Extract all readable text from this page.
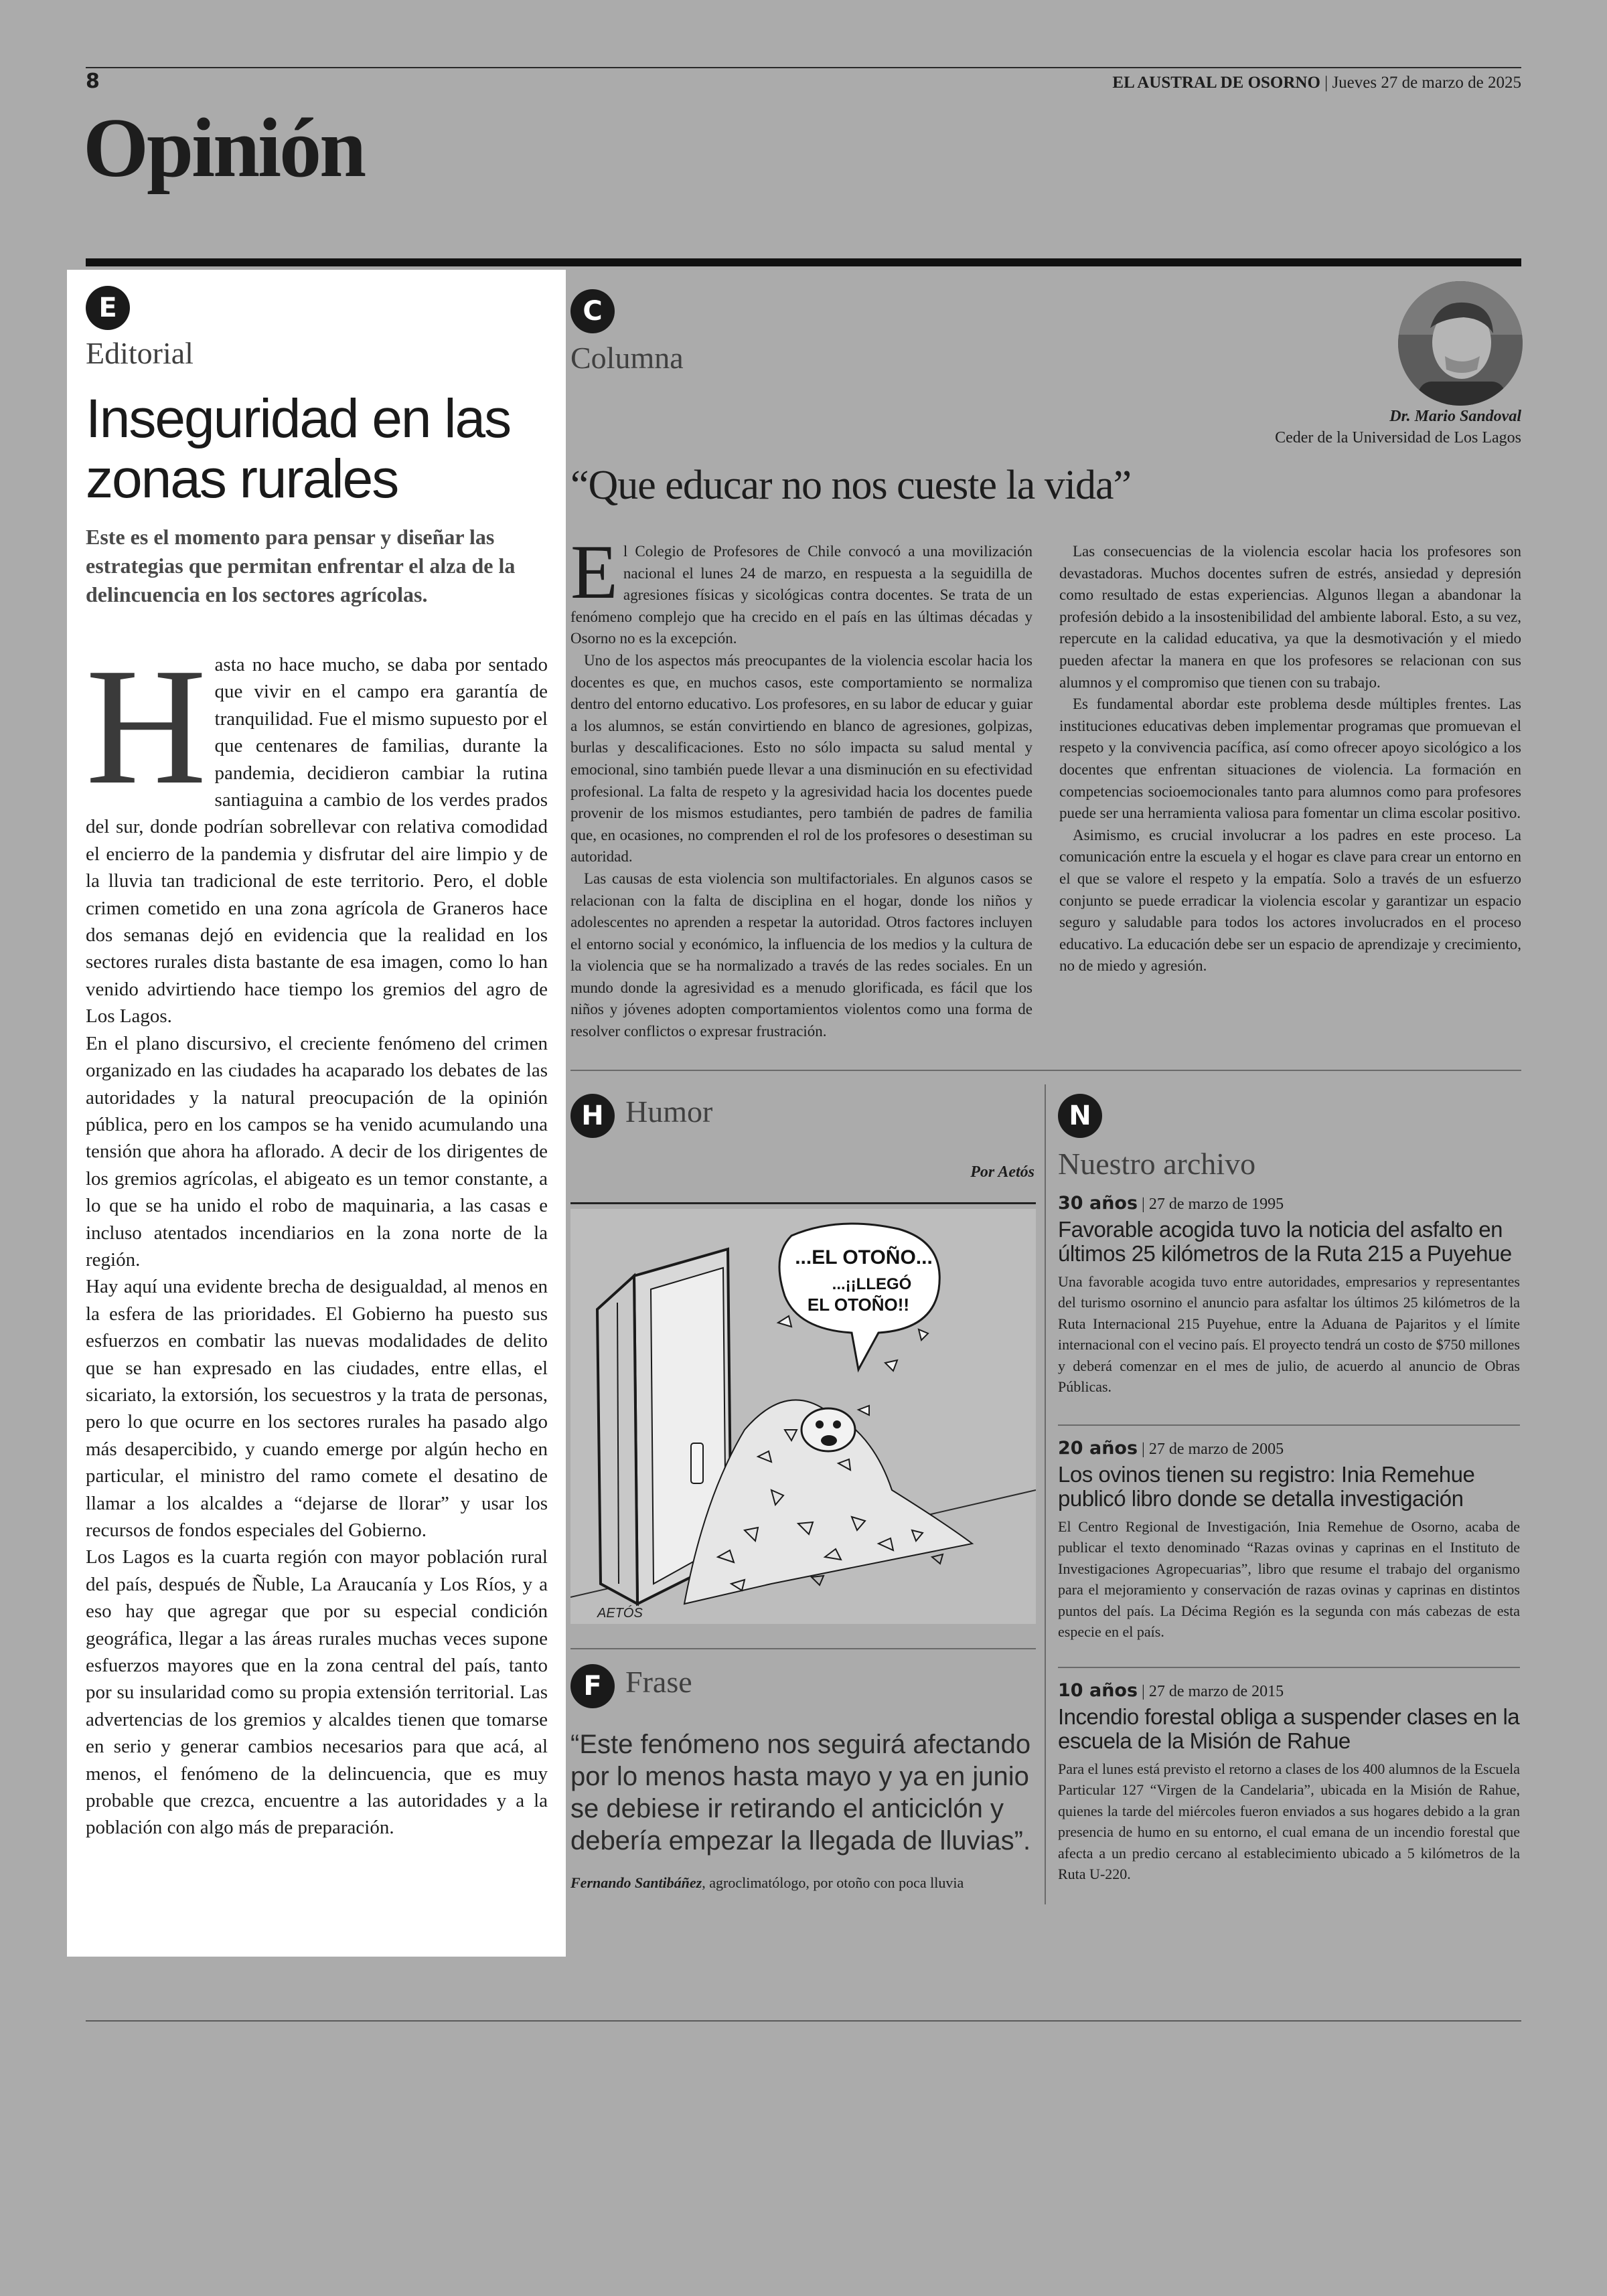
8	EL AUSTRAL DE OSORNO | Jueves 27 de marzo de 2025
Opinión
E
Editorial
Inseguridad en las zonas rurales
Este es el momento para pensar y diseñar las estrategias que permitan enfrentar el alza de la delincuencia en los sectores agrícolas.
H asta no hace mucho, se daba por sentado que vivir en el campo era garantía de tranquilidad. Fue el mismo supuesto por el que centenares de familias, durante la pandemia, decidieron cambiar la rutina santiaguina a cambio de los verdes prados del sur, donde podrían sobrellevar con relativa comodidad el encierro de la pandemia y disfrutar del aire limpio y de la lluvia tan tradicional de este territorio. Pero, el doble crimen cometido en una zona agrícola de Graneros hace dos semanas dejó en evidencia que la realidad en los sectores rurales dista bastante de esa imagen, como lo han venido advirtiendo hace tiempo los gremios del agro de Los Lagos.

En el plano discursivo, el creciente fenómeno del crimen organizado en las ciudades ha acaparado los debates de las autoridades y la natural preocupación de la opinión pública, pero en los campos se ha venido acumulando una tensión que ahora ha aflorado. A decir de los dirigentes de los gremios agrícolas, el abigeato es un temor constante, a lo que se ha unido el robo de maquinaria, a las casas e incluso atentados incendiarios en la zona norte de la región.

Hay aquí una evidente brecha de desigualdad, al menos en la esfera de las prioridades. El Gobierno ha puesto sus esfuerzos en combatir las nuevas modalidades de delito que se han expresado en las ciudades, entre ellas, el sicariato, la extorsión, los secuestros y la trata de personas, pero lo que ocurre en los sectores rurales ha pasado algo más desapercibido, y cuando emerge por algún hecho en particular, el ministro del ramo comete el desatino de llamar a los alcaldes a “dejarse de llorar” y usar los recursos de fondos especiales del Gobierno.

Los Lagos es la cuarta región con mayor población rural del país, después de Ñuble, La Araucanía y Los Ríos, y a eso hay que agregar que por su especial condición geográfica, llegar a las áreas rurales muchas veces supone esfuerzos mayores que en la zona central del país, tanto por su insularidad como su propia extensión territorial. Las advertencias de los gremios y alcaldes tienen que tomarse en serio y generar cambios necesarios para que acá, al menos, el fenómeno de la delincuencia, que es muy probable que crezca, encuentre a las autoridades y a la población con algo más de preparación.

C
Columna
Dr. Mario Sandoval
Ceder de la Universidad de Los Lagos
“Que educar no nos cueste la vida”

El Colegio de Profesores de Chile convocó a una movilización nacional el lunes 24 de marzo, en respuesta a la seguidilla de agresiones físicas y sicológicas contra docentes. Se trata de un fenómeno complejo que ha crecido en el país en las últimas décadas y Osorno no es la excepción.

Uno de los aspectos más preocupantes de la violencia escolar hacia los docentes es que, en muchos casos, este comportamiento se normaliza dentro del entorno educativo. Los profesores, en su labor de educar y guiar a los alumnos, se están convirtiendo en blanco de agresiones, golpizas, burlas y descalificaciones. Esto no sólo impacta su salud mental y emocional, sino también puede llevar a una disminución en su efectividad profesional. La falta de respeto y la agresividad hacia los docentes puede provenir de los mismos estudiantes, pero también de padres de familia que, en ocasiones, no comprenden el rol de los profesores o desestiman su autoridad.

Las causas de esta violencia son multifactoriales. En algunos casos se relacionan con la falta de disciplina en el hogar, donde los niños y adolescentes no aprenden a respetar la autoridad. Otros factores incluyen el entorno social y económico, la influencia de los medios y la cultura de la violencia que se ha normalizado a través de las redes sociales. En un mundo donde la agresividad es a menudo glorificada, es fácil que los niños y jóvenes adopten comportamientos violentos como una forma de resolver conflictos o expresar frustración.

Las consecuencias de la violencia escolar hacia los profesores son devastadoras. Muchos docentes sufren de estrés, ansiedad y depresión como resultado de estas experiencias. Algunos llegan a abandonar la profesión debido a la insostenibilidad del ambiente laboral. Esto, a su vez, repercute en la calidad educativa, ya que la desmotivación y el miedo pueden afectar la manera en que los profesores se relacionan con sus alumnos y el compromiso que tienen con su trabajo.

Es fundamental abordar este problema desde múltiples frentes. Las instituciones educativas deben implementar programas que promuevan el respeto y la convivencia pacífica, así como ofrecer apoyo sicológico a los docentes que enfrentan situaciones de violencia. La formación en competencias socioemocionales tanto para alumnos como para profesores puede ser una herramienta valiosa para fomentar un clima escolar positivo.

Asimismo, es crucial involucrar a los padres en este proceso. La comunicación entre la escuela y el hogar es clave para crear un entorno en el que se valore el respeto y la empatía. Solo a través de un esfuerzo conjunto se puede erradicar la violencia escolar y garantizar un espacio seguro y saludable para todos los actores involucrados en el proceso educativo. La educación debe ser un espacio de aprendizaje y crecimiento, no de miedo y agresión.

H Humor
Por Aetós
...EL OTOÑO...
...¡¡LLEGÓ
EL OTOÑO!!
AETÓS
F Frase
“Este fenómeno nos seguirá afectando por lo menos hasta mayo y ya en junio se debiese ir retirando el anticiclón y debería empezar la llegada de lluvias”.
Fernando Santibáñez, agroclimatólogo, por otoño con poca lluvia
N
Nuestro archivo
30 años | 27 de marzo de 1995
Favorable acogida tuvo la noticia del asfalto en últimos 25 kilómetros de la Ruta 215 a Puyehue
Una favorable acogida tuvo entre autoridades, empresarios y representantes del turismo osornino el anuncio para asfaltar los últimos 25 kilómetros de la Ruta Internacional 215 Puyehue, entre la Aduana de Pajaritos y el límite internacional con el vecino país. El proyecto tendrá un costo de $750 millones y deberá comenzar en el mes de julio, de acuerdo al anuncio de Obras Públicas.
20 años | 27 de marzo de 2005
Los ovinos tienen su registro: Inia Remehue publicó libro donde se detalla investigación
El Centro Regional de Investigación, Inia Remehue de Osorno, acaba de publicar el texto denominado “Razas ovinas y caprinas en el Instituto de Investigaciones Agropecuarias”, libro que resume el trabajo del organismo para el mejoramiento y conservación de razas ovinas y caprinas en distintos puntos del país. La Décima Región es la segunda con más cabezas de esta especie en el país.
10 años | 27 de marzo de 2015
Incendio forestal obliga a suspender clases en la escuela de la Misión de Rahue
Para el lunes está previsto el retorno a clases de los 400 alumnos de la Escuela Particular 127 “Virgen de la Candelaria”, ubicada en la Misión de Rahue, quienes la tarde del miércoles fueron enviados a sus hogares debido a la gran presencia de humo en su entorno, el cual emana de un incendio forestal que afecta a un predio cercano al establecimiento ubicado a 5 kilómetros de la Ruta U-220.
